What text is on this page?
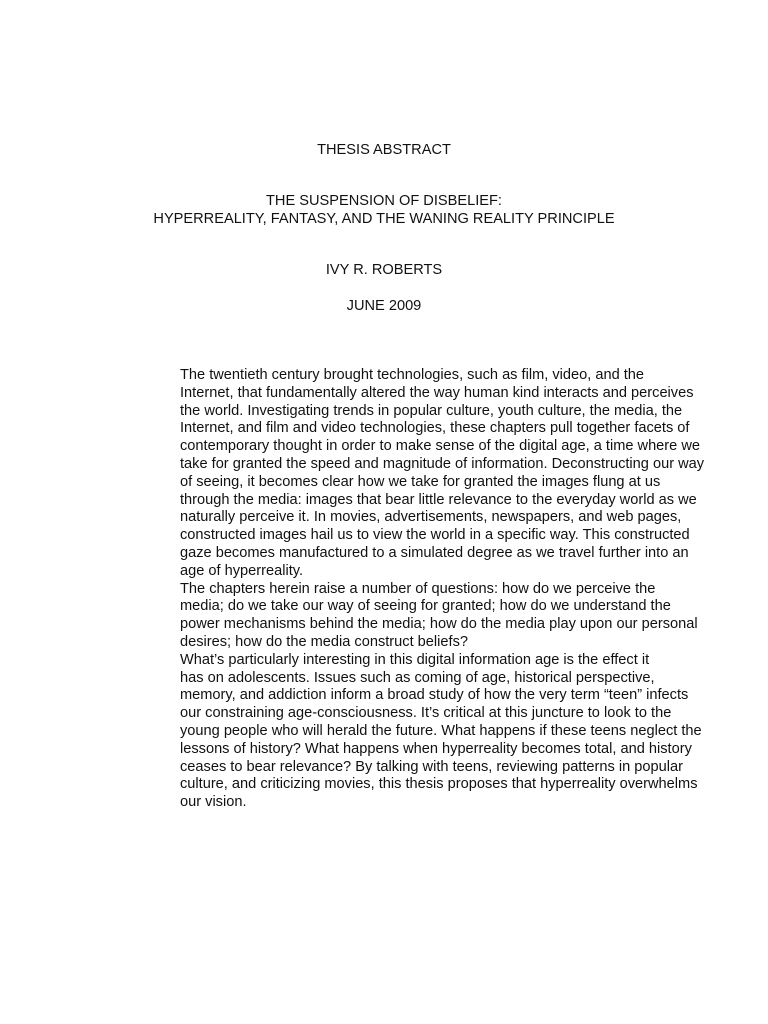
THESIS ABSTRACT
THE SUSPENSION OF DISBELIEF:
HYPERREALITY, FANTASY, AND THE WANING REALITY PRINCIPLE
IVY R. ROBERTS
JUNE 2009

The twentieth century brought technologies, such as film, video, and the
Internet, that fundamentally altered the way human kind interacts and perceives
the world. Investigating trends in popular culture, youth culture, the media, the
Internet, and film and video technologies, these chapters pull together facets of
contemporary thought in order to make sense of the digital age, a time where we
take for granted the speed and magnitude of information. Deconstructing our way
of seeing, it becomes clear how we take for granted the images flung at us
through the media: images that bear little relevance to the everyday world as we
naturally perceive it. In movies, advertisements, newspapers, and web pages,
constructed images hail us to view the world in a specific way. This constructed
gaze becomes manufactured to a simulated degree as we travel further into an
age of hyperreality.

The chapters herein raise a number of questions: how do we perceive the
media; do we take our way of seeing for granted; how do we understand the
power mechanisms behind the media; how do the media play upon our personal
desires; how do the media construct beliefs?

What’s particularly interesting in this digital information age is the effect it
has on adolescents. Issues such as coming of age, historical perspective,
memory, and addiction inform a broad study of how the very term “teen” infects
our constraining age-consciousness. It’s critical at this juncture to look to the
young people who will herald the future. What happens if these teens neglect the
lessons of history? What happens when hyperreality becomes total, and history
ceases to bear relevance? By talking with teens, reviewing patterns in popular
culture, and criticizing movies, this thesis proposes that hyperreality overwhelms
our vision.
